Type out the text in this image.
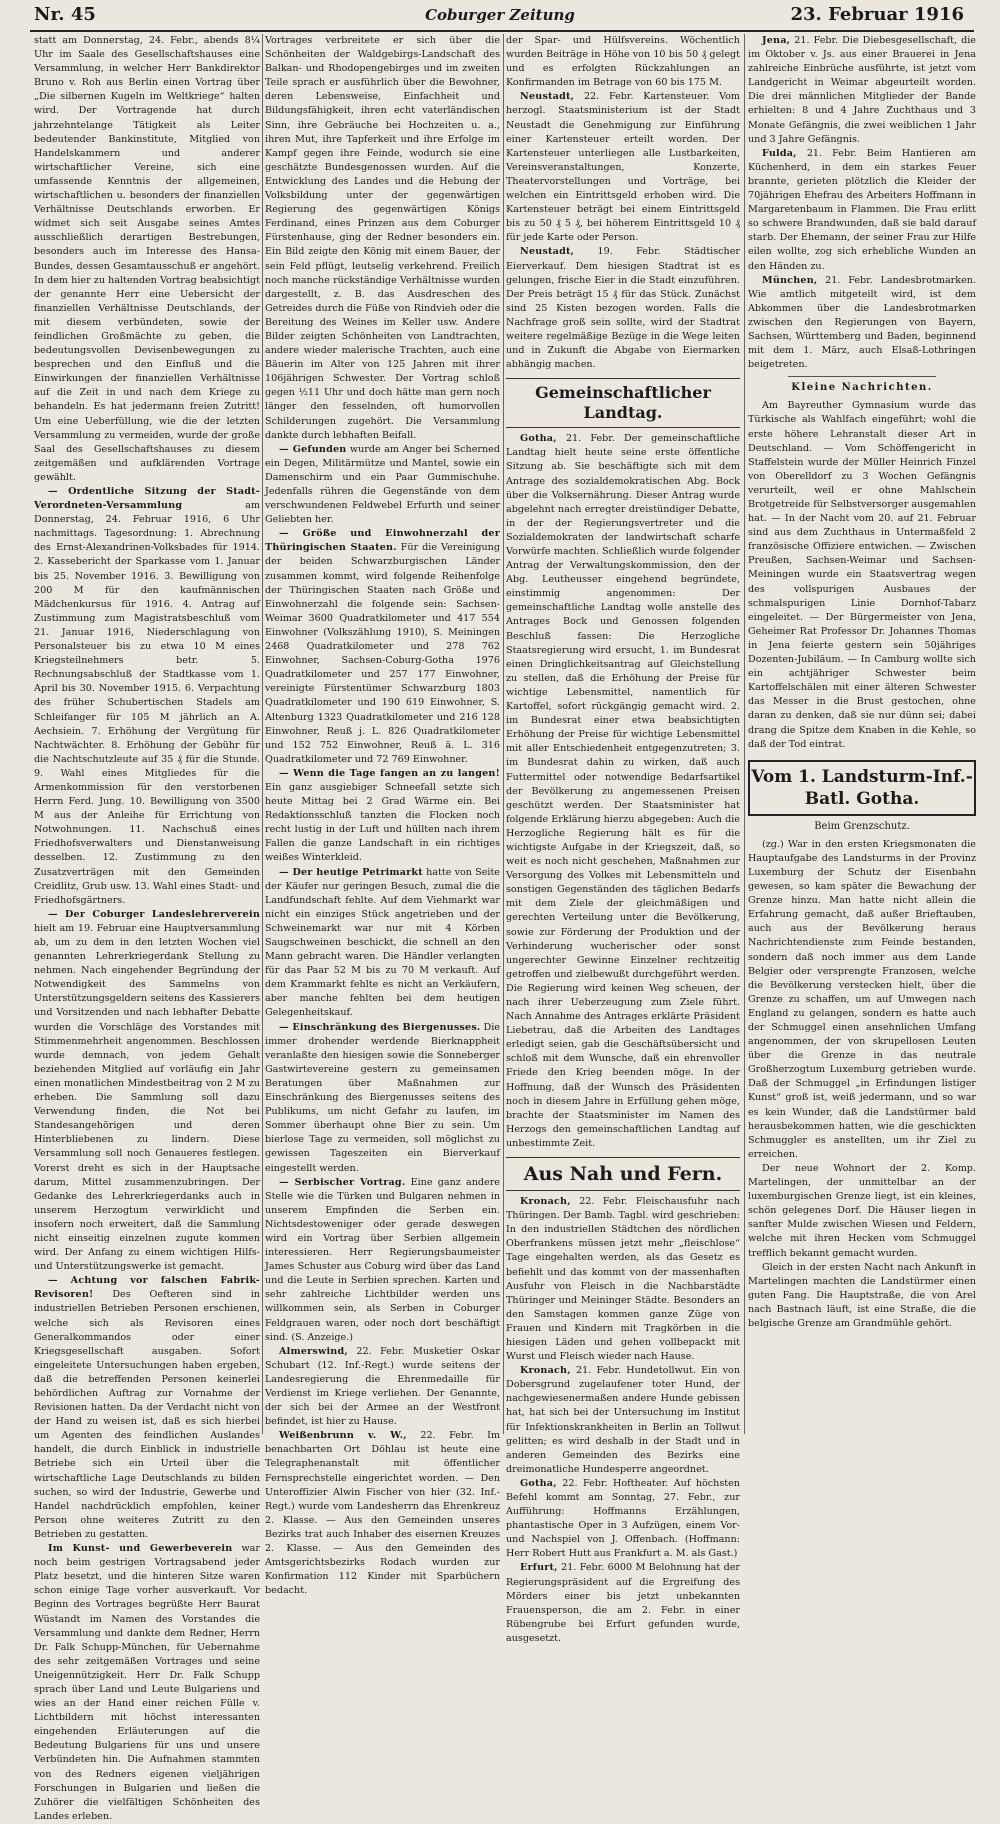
Nr. 45	Coburger Zeitung	23. Februar 1916

statt am Donnerstag, 24. Febr., abends 8¼ Uhr im Saale des Gesellschaftshauses eine Versammlung, in welcher Herr Bankdirektor Bruno v. Roh aus Berlin einen Vortrag über „Die silbernen Kugeln im Weltkriege“ halten wird. Der Vortragende hat durch jahrzehntelange Tätigkeit als Leiter bedeutender Bankinstitute, Mitglied von Handelskammern und anderer wirtschaftlicher Vereine, sich eine umfassende Kenntnis der allgemeinen, wirtschaftlichen u. besonders der finanziellen Verhältnisse Deutschlands erworben. Er widmet sich seit Ausgabe seines Amtes ausschließlich derartigen Bestrebungen, besonders auch im Interesse des Hansa-Bundes, dessen Gesamtausschuß er angehört. In dem hier zu haltenden Vortrag beabsichtigt der genannte Herr eine Uebersicht der finanziellen Verhältnisse Deutschlands, der mit diesem verbündeten, sowie der feindlichen Großmächte zu geben, die bedeutungsvollen Devisenbewegungen zu besprechen und den Einfluß und die Einwirkungen der finanziellen Verhältnisse auf die Zeit in und nach dem Kriege zu behandeln. Es hat jedermann freien Zutritt! Um eine Ueberfüllung, wie die der letzten Versammlung zu vermeiden, wurde der große Saal des Gesellschaftshauses zu diesem zeitgemäßen und aufklärenden Vortrage gewählt.

— Ordentliche Sitzung der Stadt-Verordneten-Versammlung	am Donnerstag, 24. Februar 1916, 6 Uhr nachmittags. Tagesordnung: 1. Abrechnung des Ernst-Alexandrinen-Volksbades für 1914. 2. Kassebericht der Sparkasse vom 1. Januar bis 25. November 1916. 3. Bewilligung von 200 M für den kaufmännischen Mädchenkursus für 1916. 4. Antrag auf Zustimmung zum Magistratsbeschluß vom 21. Januar 1916, Niederschlagung von Personalsteuer bis zu etwa 10 M eines Kriegsteilnehmers betr. 5. Rechnungsabschluß der Stadtkasse vom 1. April bis 30. November 1915. 6. Verpachtung des früher Schubertischen Stadels am Schleifanger für 105 M jährlich an A. Aechsiein. 7. Erhöhung der Vergütung für Nachtwächter. 8. Erhöhung der Gebühr für die Nachtschutzleute auf 35 ₰ für die Stunde. 9. Wahl eines Mitgliedes für die Armenkommission für den verstorbenen Herrn Ferd. Jung. 10. Bewilligung von 3500 M aus der Anleihe für Errichtung von Notwohnungen. 11. Nachschuß eines Friedhofsverwalters und Dienstanweisung desselben. 12. Zustimmung zu den Zusatzverträgen mit den Gemeinden Creidlitz, Grub usw. 13. Wahl eines Stadt- und Friedhofsgärtners.

— Der Coburger Landeslehrerverein hielt am 19. Februar eine Hauptversammlung ab, um zu dem in den letzten Wochen viel genannten Lehrerkriegerdank Stellung zu nehmen. Nach eingehender Begründung der Notwendigkeit des Sammelns von Unterstützungsgeldern seitens des Kassierers und Vorsitzenden und nach lebhafter Debatte wurden die Vorschläge des Vorstandes mit Stimmenmehrheit angenommen. Beschlossen wurde demnach, von jedem Gehalt beziehenden Mitglied auf vorläufig ein Jahr einen monatlichen Mindestbeitrag von 2 M zu erheben. Die Sammlung soll dazu Verwendung finden, die Not bei Standesangehörigen und deren Hinterbliebenen zu lindern. Diese Versammlung soll noch Genaueres festlegen. Vorerst dreht es sich in der Hauptsache darum, Mittel zusammenzubringen. Der Gedanke des Lehrerkriegerdanks auch in unserem Herzogtum verwirklicht und insofern noch erweitert, daß die Sammlung nicht einseitig einzelnen zugute kommen wird. Der Anfang zu einem wichtigen Hilfs- und Unterstützungswerke ist gemacht.

— Achtung vor falschen Fabrik-Revisoren! Des Oefteren sind in industriellen Betrieben Personen erschienen, welche sich als Revisoren eines Generalkommandos oder einer Kriegsgesellschaft ausgaben. Sofort eingeleitete Untersuchungen haben ergeben, daß die betreffenden Personen keinerlei behördlichen Auftrag zur Vornahme der Revisionen hatten. Da der Verdacht nicht von der Hand zu weisen ist, daß es sich hierbei um Agenten des feindlichen Auslandes handelt, die durch Einblick in industrielle Betriebe sich ein Urteil über die wirtschaftliche Lage Deutschlands zu bilden suchen, so wird der Industrie, Gewerbe und Handel nachdrücklich empfohlen, keiner Person ohne weiteres Zutritt zu den Betrieben zu gestatten.

Im Kunst- und Gewerbeverein war noch beim gestrigen Vortragsabend jeder Platz besetzt, und die hinteren Sitze waren schon einige Tage vorher ausverkauft. Vor Beginn des Vortrages begrüßte Herr Baurat Wüstandt im Namen des Vorstandes die Versammlung und dankte dem Redner, Herrn Dr. Falk Schupp-München, für Uebernahme des sehr zeitgemäßen Vortrages und seine Uneigennützigkeit. Herr Dr. Falk Schupp sprach über Land und Leute Bulgariens und wies an der Hand einer reichen Fülle v. Lichtbildern mit höchst interessanten eingehenden Erläuterungen auf die Bedeutung Bulgariens für uns und unsere Verbündeten hin. Die Aufnahmen stammten von des Redners eigenen vieljährigen Forschungen in Bulgarien und ließen die Zuhörer die vielfältigen Schönheiten des Landes erleben.

Vortrages verbreitete er sich über die Schönheiten der Waldgebirgs-Landschaft des Balkan- und Rhodopengebirges und im zweiten Teile sprach er ausführlich über die Bewohner, deren Lebensweise, Einfachheit und Bildungsfähigkeit, ihren echt vaterländischen Sinn, ihre Gebräuche bei Hochzeiten u. a., ihren Mut, ihre Tapferkeit und ihre Erfolge im Kampf gegen ihre Feinde, wodurch sie eine geschätzte Bundesgenossen wurden. Auf die Entwicklung des Landes und die Hebung der Volksbildung unter der gegenwärtigen Regierung des gegenwärtigen Königs Ferdinand, eines Prinzen aus dem Coburger Fürstenhause, ging der Redner besonders ein. Ein Bild zeigte den König mit einem Bauer, der sein Feld pflügt, leutselig verkehrend. Freilich noch manche rückständige Verhältnisse wurden dargestellt, z. B. das Ausdreschen des Getreides durch die Füße von Rindvieh oder die Bereitung des Weines im Keller usw. Andere Bilder zeigten Schönheiten von Landtrachten, andere wieder malerische Trachten, auch eine Bäuerin im Alter von 125 Jahren mit ihrer 106jährigen Schwester. Der Vortrag schloß gegen ½11 Uhr und doch hätte man gern noch länger den fesselnden, oft humorvollen Schilderungen zugehört. Die Versammlung dankte durch lebhaften Beifall.

— Gefunden wurde am Anger bei Scherned ein Degen, Militärmütze und Mantel, sowie ein Damenschirm und ein Paar Gummischuhe. Jedenfalls rühren die Gegenstände von dem verschwundenen Feldwebel Erfurth und seiner Geliebten her.

— Größe und Einwohnerzahl der Thüringischen Staaten. Für die Vereinigung der beiden Schwarzburgischen Länder zusammen kommt, wird folgende Reihenfolge der Thüringischen Staaten nach Größe und Einwohnerzahl die folgende sein: Sachsen-Weimar 3600 Quadratkilometer und 417 554 Einwohner (Volkszählung 1910), S. Meiningen 2468 Quadratkilometer und 278 762 Einwohner, Sachsen-Coburg-Gotha 1976 Quadratkilometer und 257 177 Einwohner, vereinigte Fürstentümer Schwarzburg 1803 Quadratkilometer und 190 619 Einwohner, S. Altenburg 1323 Quadratkilometer und 216 128 Einwohner, Reuß j. L. 826 Quadratkilometer und 152 752 Einwohner, Reuß ä. L. 316 Quadratkilometer und 72 769 Einwohner.

— Wenn die Tage fangen an zu langen! Ein ganz ausgiebiger Schneefall setzte sich heute Mittag bei 2 Grad Wärme ein. Bei Redaktionsschluß tanzten die Flocken noch recht lustig in der Luft und hüllten nach ihrem Fallen die ganze Landschaft in ein richtiges weißes Winterkleid.

— Der heutige Petrimarkt hatte von Seite der Käufer nur geringen Besuch, zumal die die Landfundschaft fehlte. Auf dem Viehmarkt war nicht ein einziges Stück angetrieben und der Schweinemarkt war nur mit 4 Körben Saugschweinen beschickt, die schnell an den Mann gebracht waren. Die Händler verlangten für das Paar 52 M bis zu 70 M verkauft. Auf dem Krammarkt fehlte es nicht an Verkäufern, aber manche fehlten bei dem heutigen Gelegenheitskauf.

— Einschränkung des Biergenusses. Die immer drohender werdende Bierknappheit veranlaßte den hiesigen sowie die Sonneberger Gastwirtevereine gestern zu gemeinsamen Beratungen über Maßnahmen zur Einschränkung des Biergenusses seitens des Publikums, um nicht Gefahr zu laufen, im Sommer überhaupt ohne Bier zu sein. Um bierlose Tage zu vermeiden, soll möglichst zu gewissen Tageszeiten ein Bierverkauf eingestellt werden.

— Serbischer Vortrag. Eine ganz andere Stelle wie die Türken und Bulgaren nehmen in unserem Empfinden die Serben ein. Nichtsdestoweniger oder gerade deswegen wird ein Vortrag über Serbien allgemein interessieren. Herr Regierungsbaumeister James Schuster aus Coburg wird über das Land und die Leute in Serbien sprechen. Karten und sehr zahlreiche Lichtbilder werden uns willkommen sein, als Serben in Coburger Feldgrauen waren, oder noch dort beschäftigt sind. (S. Anzeige.)

Almerswind, 22. Febr. Musketier Oskar Schubart (12. Inf.-Regt.) wurde seitens der Landesregierung die Ehrenmedaille für Verdienst im Kriege verliehen. Der Genannte, der sich bei der Armee an der Westfront befindet, ist hier zu Hause.

Weißenbrunn v. W., 22. Febr. Im benachbarten Ort Döhlau ist heute eine Telegraphenanstalt mit öffentlicher Fernsprechstelle eingerichtet worden. — Den Unteroffizier Alwin Fischer von hier (32. Inf.-Regt.) wurde vom Landesherrn das Ehrenkreuz 2. Klasse. — Aus den Gemeinden unseres Bezirks trat auch Inhaber des eisernen Kreuzes 2. Klasse. — Aus den Gemeinden des Amtsgerichtsbezirks Rodach wurden zur Konfirmation 112 Kinder mit Sparbüchern bedacht.

der Spar- und Hülfsvereins. Wöchentlich wurden Beiträge in Höhe von 10 bis 50 ₰ gelegt und es erfolgten Rückzahlungen an Konfirmanden im Betrage von 60 bis 175 M.

Neustadt, 22. Febr. Kartensteuer. Vom herzogl. Staatsministerium ist der Stadt Neustadt die Genehmigung zur Einführung einer Kartensteuer erteilt worden. Der Kartensteuer unterliegen alle Lustbarkeiten, Vereinsveranstaltungen, Konzerte, Theatervorstellungen und Vorträge, bei welchen ein Eintrittsgeld erhoben wird. Die Kartensteuer beträgt bei einem Eintrittsgeld bis zu 50 ₰ 5 ₰, bei höherem Eintrittsgeld 10 ₰ für jede Karte oder Person.

Neustadt, 19. Febr. Städtischer Eierverkauf. Dem hiesigen Stadtrat ist es gelungen, frische Eier in die Stadt einzuführen. Der Preis beträgt 15 ₰ für das Stück. Zunächst sind 25 Kisten bezogen worden. Falls die Nachfrage groß sein sollte, wird der Stadtrat weitere regelmäßige Bezüge in die Wege leiten und in Zukunft die Abgabe von Eiermarken abhängig machen.

Gemeinschaftlicher Landtag.

Gotha, 21. Febr. Der gemeinschaftliche Landtag hielt heute seine erste öffentliche Sitzung ab. Sie beschäftigte sich mit dem Antrage des sozialdemokratischen Abg. Bock über die Volksernährung. Dieser Antrag wurde abgelehnt nach erregter dreistündiger Debatte, in der der Regierungsvertreter und die Sozialdemokraten der landwirtschaft scharfe Vorwürfe machten. Schließlich wurde folgender Antrag der Verwaltungskommission, den der Abg. Leutheusser eingehend begründete, einstimmig angenommen: Der gemeinschaftliche Landtag wolle anstelle des Antrages Bock und Genossen folgenden Beschluß fassen: Die Herzogliche Staatsregierung wird ersucht, 1. im Bundesrat einen Dringlichkeitsantrag auf Gleichstellung zu stellen, daß die Erhöhung der Preise für wichtige Lebensmittel, namentlich für Kartoffel, sofort rückgängig gemacht wird. 2. im Bundesrat einer etwa beabsichtigten Erhöhung der Preise für wichtige Lebensmittel mit aller Entschiedenheit entgegenzutreten; 3. im Bundesrat dahin zu wirken, daß auch Futtermittel oder notwendige Bedarfsartikel der Bevölkerung zu angemessenen Preisen geschützt werden. Der Staatsminister hat folgende Erklärung hierzu abgegeben: Auch die Herzogliche Regierung hält es für die wichtigste Aufgabe in der Kriegszeit, daß, so weit es noch nicht geschehen, Maßnahmen zur Versorgung des Volkes mit Lebensmitteln und sonstigen Gegenständen des täglichen Bedarfs mit dem Ziele der gleichmäßigen und gerechten Verteilung unter die Bevölkerung, sowie zur Förderung der Produktion und der Verhinderung wucherischer oder sonst ungerechter Gewinne Einzelner rechtzeitig getroffen und zielbewußt durchgeführt werden. Die Regierung wird keinen Weg scheuen, der nach ihrer Ueberzeugung zum Ziele führt. Nach Annahme des Antrages erklärte Präsident Liebetrau, daß die Arbeiten des Landtages erledigt seien, gab die Geschäftsübersicht und schloß mit dem Wunsche, daß ein ehrenvoller Friede den Krieg beenden möge. In der Hoffnung, daß der Wunsch des Präsidenten noch in diesem Jahre in Erfüllung gehen möge, brachte der Staatsminister im Namen des Herzogs den gemeinschaftlichen Landtag auf unbestimmte Zeit.

Aus Nah und Fern.

Kronach, 22. Febr. Fleischausfuhr nach Thüringen. Der Bamb. Tagbl. wird geschrieben: In den industriellen Städtchen des nördlichen Oberfrankens müssen jetzt mehr „fleischlose“ Tage eingehalten werden, als das Gesetz es befiehlt und das kommt von der massenhaften Ausfuhr von Fleisch in die Nachbarstädte Thüringer und Meininger Städte. Besonders an den Samstagen kommen ganze Züge von Frauen und Kindern mit Tragkörben in die hiesigen Läden und gehen vollbepackt mit Wurst und Fleisch wieder nach Hause.

Kronach, 21. Febr. Hundetollwut. Ein von Dobersgrund zugelaufener toter Hund, der nachgewiesenermaßen andere Hunde gebissen hat, hat sich bei der Untersuchung im Institut für Infektionskrankheiten in Berlin an Tollwut gelitten; es wird deshalb in der Stadt und in anderen Gemeinden des Bezirks eine dreimonatliche Hundesperre angeordnet.

Gotha, 22. Febr. Hoftheater. Auf höchsten Befehl kommt am Sonntag, 27. Febr., zur Aufführung: Hoffmanns Erzählungen, phantastische Oper in 3 Aufzügen, einem Vor- und Nachspiel von J. Offenbach. (Hoffmann: Herr Robert Hutt aus Frankfurt a. M. als Gast.)

Erfurt, 21. Febr. 6000 M Belohnung hat der Regierungspräsident auf die Ergreifung des Mörders einer bis jetzt unbekannten Frauensperson, die am 2. Febr. in einer Rübengrube bei Erfurt gefunden wurde, ausgesetzt.

Jena, 21. Febr. Die Diebesgesellschaft, die im Oktober v. Js. aus einer Brauerei in Jena zahlreiche Einbrüche ausführte, ist jetzt vom Landgericht in Weimar abgeurteilt worden. Die drei männlichen Mitglieder der Bande erhielten: 8 und 4 Jahre Zuchthaus und 3 Monate Gefängnis, die zwei weiblichen 1 Jahr und 3 Jahre Gefängnis.

Fulda, 21. Febr. Beim Hantieren am Küchenherd, in dem ein starkes Feuer brannte, gerieten plötzlich die Kleider der 70jährigen Ehefrau des Arbeiters Hoffmann in Margaretenbaum in Flammen. Die Frau erlitt so schwere Brandwunden, daß sie bald darauf starb. Der Ehemann, der seiner Frau zur Hilfe eilen wollte, zog sich erhebliche Wunden an den Händen zu.

München, 21. Febr. Landesbrotmarken. Wie amtlich mitgeteilt wird, ist dem Abkommen über die Landesbrotmarken zwischen den Regierungen von Bayern, Sachsen, Württemberg und Baden, beginnend mit dem 1. März, auch Elsaß-Lothringen beigetreten.

Kleine Nachrichten.

Am Bayreuther Gymnasium wurde das Türkische als Wahlfach eingeführt; wohl die erste höhere Lehranstalt dieser Art in Deutschland. — Vom Schöffengericht in Staffelstein wurde der Müller Heinrich Finzel von Oberelldorf zu 3 Wochen Gefängnis verurteilt, weil er ohne Mahlschein Brotgetreide für Selbstversorger ausgemahlen hat. — In der Nacht vom 20. auf 21. Februar sind aus dem Zuchthaus in Untermaßfeld 2 französische Offiziere entwichen. — Zwischen Preußen, Sachsen-Weimar und Sachsen-Meiningen wurde ein Staatsvertrag wegen des vollspurigen Ausbaues der schmalspurigen Linie Dornhof-Tabarz eingeleitet. — Der Bürgermeister von Jena, Geheimer Rat Professor Dr. Johannes Thomas in Jena feierte gestern sein 50jähriges Dozenten-Jubiläum. — In Camburg wollte sich ein achtjähriger Schwester beim Kartoffelschälen mit einer älteren Schwester das Messer in die Brust gestochen, ohne daran zu denken, daß sie nur dünn sei; dabei drang die Spitze dem Knaben in die Kehle, so daß der Tod eintrat.

Vom 1. Landsturm-Inf.-Batl. Gotha.
Beim Grenzschutz.

(zg.) War in den ersten Kriegsmonaten die Hauptaufgabe des Landsturms in der Provinz Luxemburg der Schutz der Eisenbahn gewesen, so kam später die Bewachung der Grenze hinzu. Man hatte nicht allein die Erfahrung gemacht, daß außer Brieftauben, auch aus der Bevölkerung heraus Nachrichtendienste zum Feinde bestanden, sondern daß noch immer aus dem Lande Belgier oder versprengte Franzosen, welche die Bevölkerung verstecken hielt, über die Grenze zu schaffen, um auf Umwegen nach England zu gelangen, sondern es hatte auch der Schmuggel einen ansehnlichen Umfang angenommen, der von skrupellosen Leuten über die Grenze in das neutrale Großherzogtum Luxemburg getrieben wurde. Daß der Schmuggel „in Erfindungen listiger Kunst“ groß ist, weiß jedermann, und so war es kein Wunder, daß die Landstürmer bald herausbekommen hatten, wie die geschickten Schmuggler es anstellten, um ihr Ziel zu erreichen.

Der neue Wohnort der 2. Komp. Martelingen, der unmittelbar an der luxemburgischen Grenze liegt, ist ein kleines, schön gelegenes Dorf. Die Häuser liegen in sanfter Mulde zwischen Wiesen und Feldern, welche mit ihren Hecken vom Schmuggel trefflich bekannt gemacht wurden.

Gleich in der ersten Nacht nach Ankunft in Martelingen machten die Landstürmer einen guten Fang. Die Hauptstraße, die von Arel nach Bastnach läuft, ist eine Straße, die die belgische Grenze am Grandmühle gehört.
